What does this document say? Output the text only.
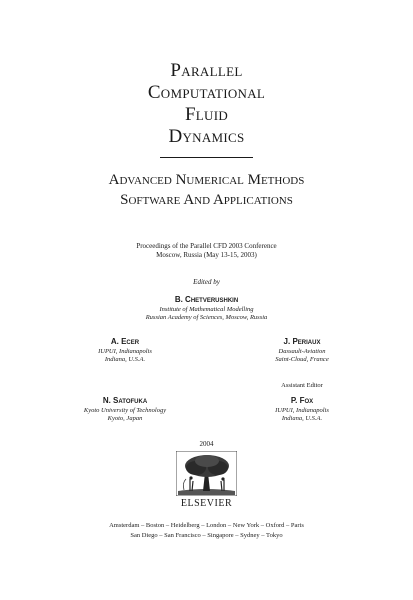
Parallel
Computational
Fluid
Dynamics
Advanced Numerical Methods
Software And Applications
Proceedings of the Parallel CFD 2003 Conference
Moscow, Russia (May 13-15, 2003)
Edited by
B. Chetverushkin
Institute of Mathematical Modelling
Russian Academy of Sciences, Moscow, Russia
A. Ecer
IUPUI, Indianapolis
Indiana, U.S.A.
J. Periaux
Dassault-Aviation
Saint-Cloud, France
Assistant Editor
N. Satofuka
Kyoto University of Technology
Kyoto, Japan
P. Fox
IUPUI, Indianapolis
Indiana, U.S.A.
2004
ELSEVIER
Amsterdam – Boston – Heidelberg – London – New York – Oxford – Paris
San Diego – San Francisco – Singapore – Sydney – Tokyo
